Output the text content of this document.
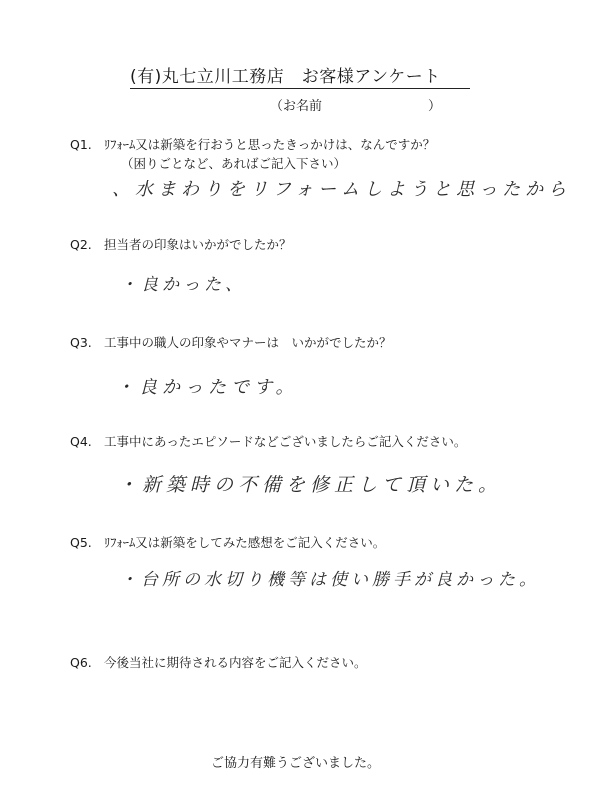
(有)丸七立川工務店　お客様アンケート
（お名前	）
Q1. ﾘﾌｫｰﾑ又は新築を行おうと思ったきっかけは、なんですか？
（困りごとなど、あればご記入下さい）
、水まわりをリフォームしようと思ったから
Q2. 担当者の印象はいかがでしたか？
・良かった、
Q3. 工事中の職人の印象やマナーは　いかがでしたか？
・良かったです。
Q4. 工事中にあったエピソードなどございましたらご記入ください。
・新築時の不備を修正して頂いた。
Q5. ﾘﾌｫｰﾑ又は新築をしてみた感想をご記入ください。
・台所の水切り機等は使い勝手が良かった。
Q6. 今後当社に期待される内容をご記入ください。
ご協力有難うございました。
